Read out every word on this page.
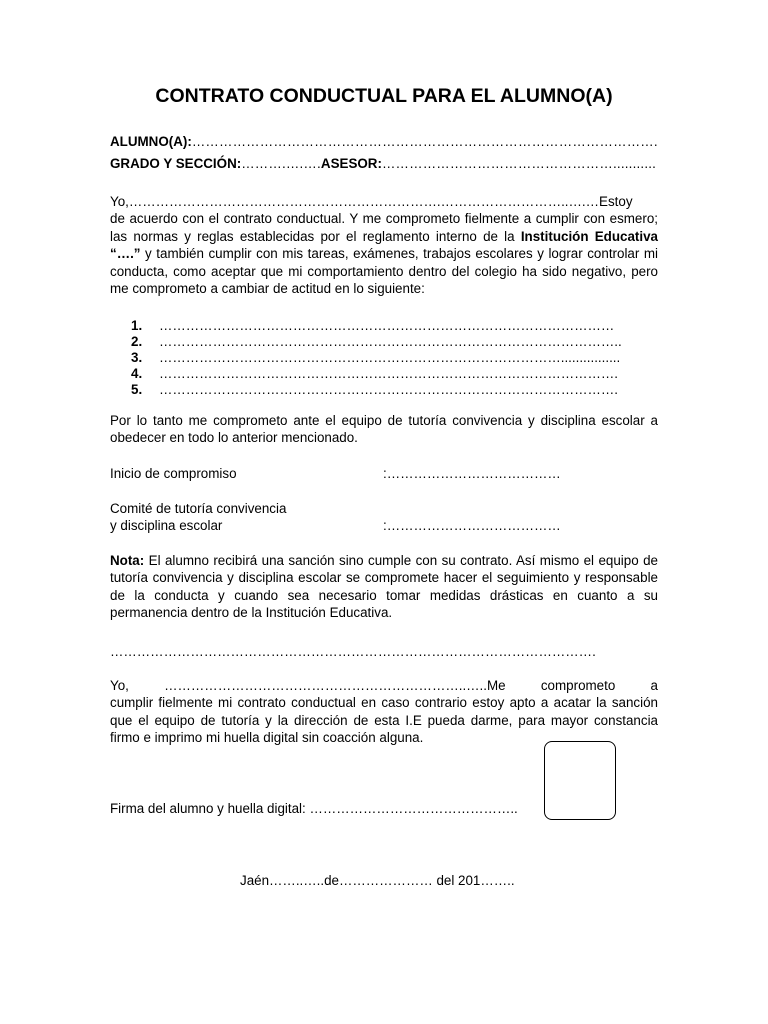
CONTRATO CONDUCTUAL PARA EL ALUMNO(A)
ALUMNO(A):………………………………………………………………………………………….
GRADO Y SECCIÓN:……….….….ASESOR:……………………………………………...........
Yo,…………………………………………………………….………………………..….…Estoy
de acuerdo con el contrato conductual. Y me comprometo fielmente a cumplir con esmero; las normas y reglas establecidas por el reglamento interno de la Institución Educativa “….” y también cumplir con mis tareas, exámenes, trabajos escolares y lograr controlar mi conducta, como aceptar que mi comportamiento dentro del colegio ha sido negativo, pero me comprometo a cambiar de actitud en lo siguiente:
1. …………………………………………………………………………………………
2. …………………………………………………………………………………………..
3. ………………………………………………………………………………................
4. ………………………………………………………………………………………….
5. ………………………………………………………………………………………….
Por lo tanto me comprometo ante el equipo de tutoría convivencia y disciplina escolar a obedecer en todo lo anterior mencionado.
Inicio de compromiso	:…………………………………
Comité de tutoría convivencia
y disciplina escolar	:…………………………………
Nota: El alumno recibirá una sanción sino cumple con su contrato. Así mismo el equipo de tutoría convivencia y disciplina escolar se compromete hacer el seguimiento y responsable de la conducta y cuando sea necesario tomar medidas drásticas en cuanto a su permanencia dentro de la Institución Educativa.
……………………………………………………………………………………………….
Yo, …………………………………………………………..…..Me comprometo a
cumplir fielmente mi contrato conductual en caso contrario estoy apto a acatar la sanción que el equipo de tutoría y la dirección de esta I.E pueda darme, para mayor constancia firmo e imprimo mi huella digital sin coacción alguna.
Firma del alumno y huella digital: ………………………………………..
Jaén……..…..de………………… del 201……..
